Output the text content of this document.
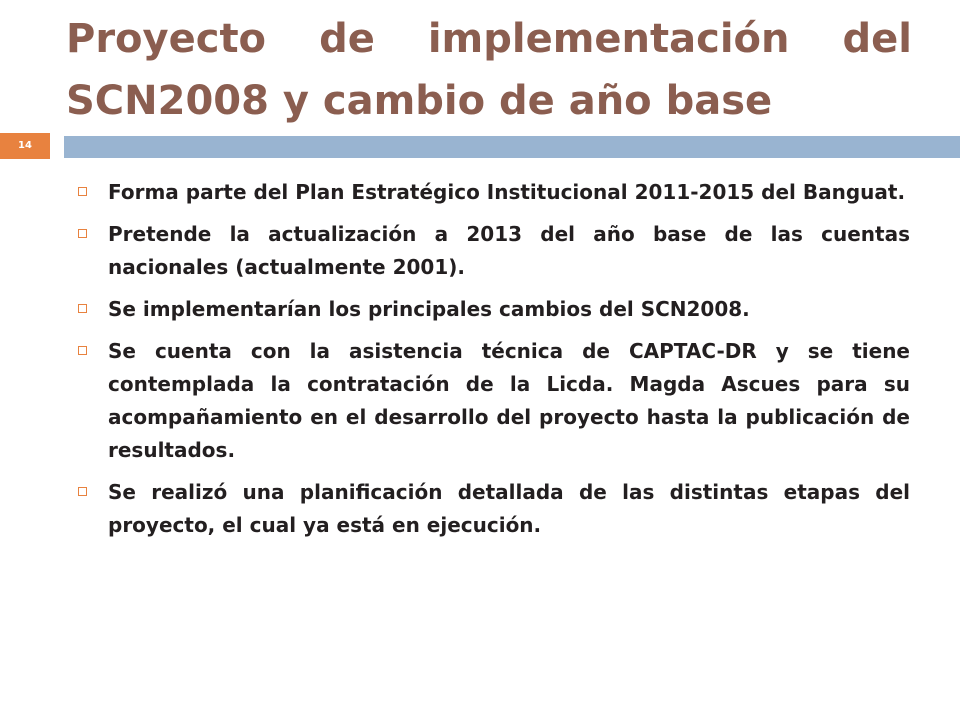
Proyecto de implementación del SCN2008 y cambio de año base
14
Forma parte del Plan Estratégico Institucional 2011-2015 del Banguat.
Pretende la actualización a 2013 del año base de las cuentas nacionales (actualmente 2001).
Se implementarían los principales cambios del SCN2008.
Se cuenta con la asistencia técnica de CAPTAC-DR y se tiene contemplada la contratación de la Licda. Magda Ascues para su acompañamiento en el desarrollo del proyecto hasta la publicación de resultados.
Se realizó una planificación detallada de las distintas etapas del proyecto, el cual ya está en ejecución.
